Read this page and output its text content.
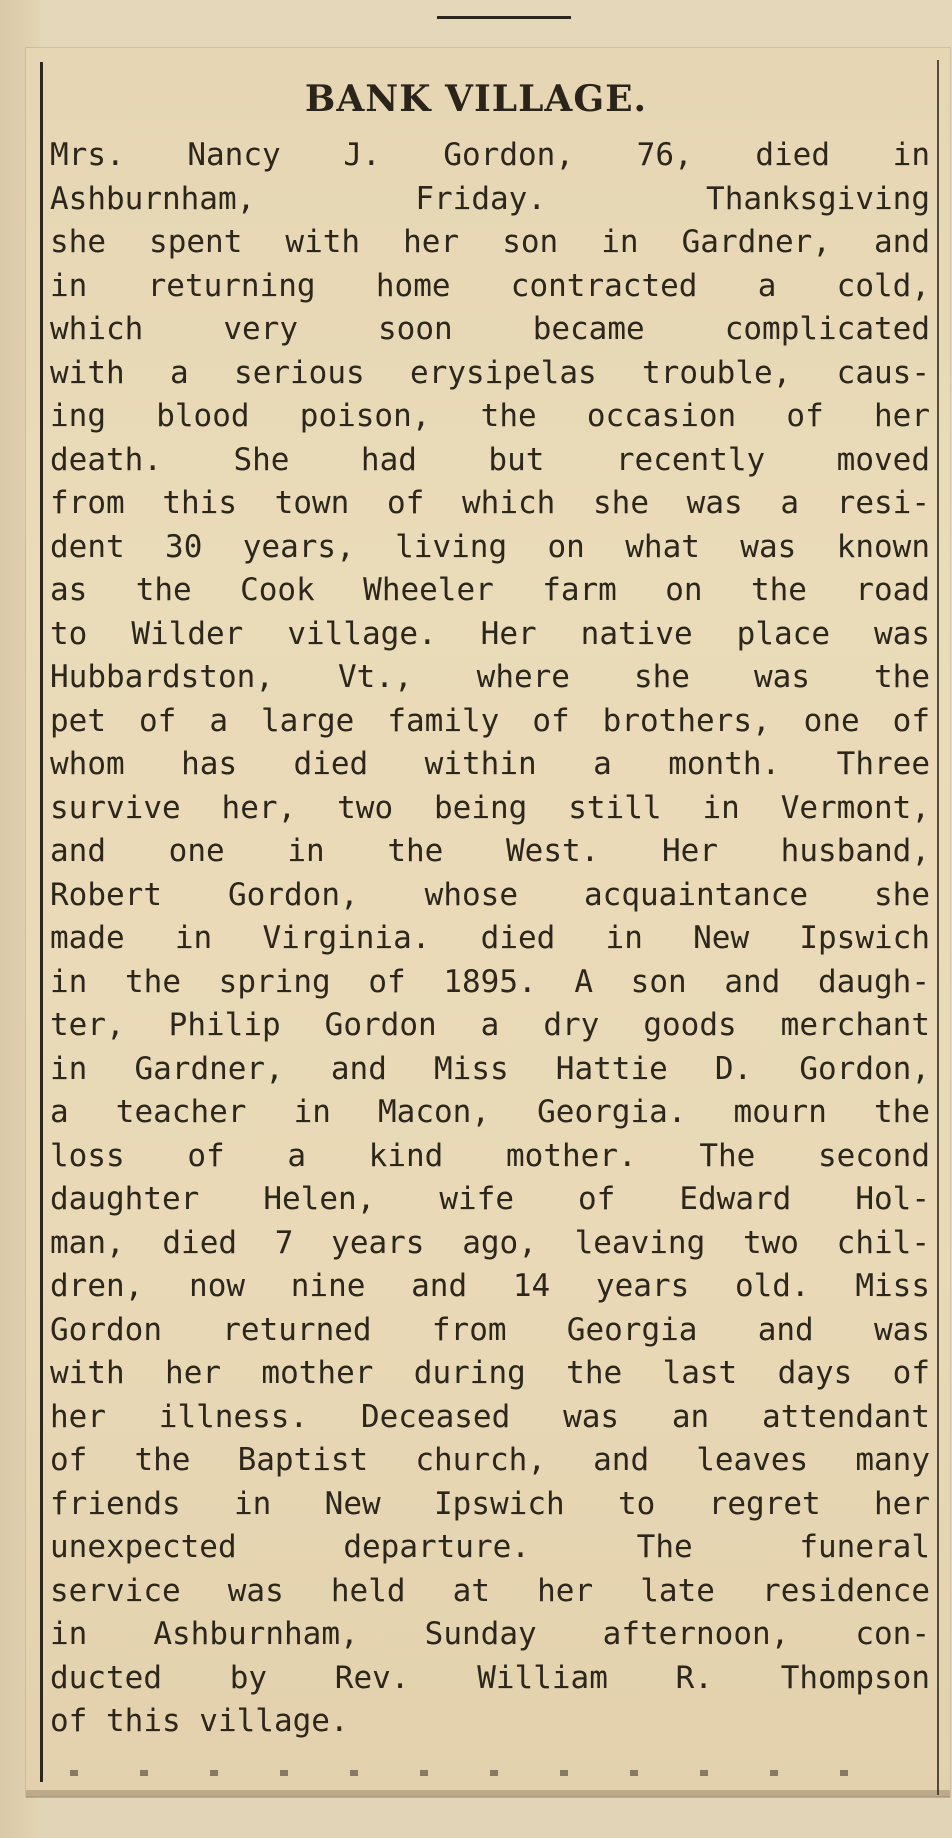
BANK VILLAGE.
Mrs. Nancy J. Gordon, 76, died in
Ashburnham, Friday. Thanksgiving
she spent with her son in Gardner, and
in returning home contracted a cold,
which very soon became complicated
with a serious erysipelas trouble, caus-
ing blood poison, the occasion of her
death. She had but recently moved
from this town of which she was a resi-
dent 30 years, living on what was known
as the Cook Wheeler farm on the road
to Wilder village. Her native place was
Hubbardston, Vt., where she was the
pet of a large family of brothers, one of
whom has died within a month. Three
survive her, two being still in Vermont,
and one in the West. Her husband,
Robert Gordon, whose acquaintance she
made in Virginia. died in New Ipswich
in the spring of 1895. A son and daugh-
ter, Philip Gordon a dry goods merchant
in Gardner, and Miss Hattie D. Gordon,
a teacher in Macon, Georgia. mourn the
loss of a kind mother. The second
daughter Helen, wife of Edward Hol-
man, died 7 years ago, leaving two chil-
dren, now nine and 14 years old. Miss
Gordon returned from Georgia and was
with her mother during the last days of
her illness. Deceased was an attendant
of the Baptist church, and leaves many
friends in New Ipswich to regret her
unexpected departure. The funeral
service was held at her late residence
in Ashburnham, Sunday afternoon, con-
ducted by Rev. William R. Thompson
of this village.
